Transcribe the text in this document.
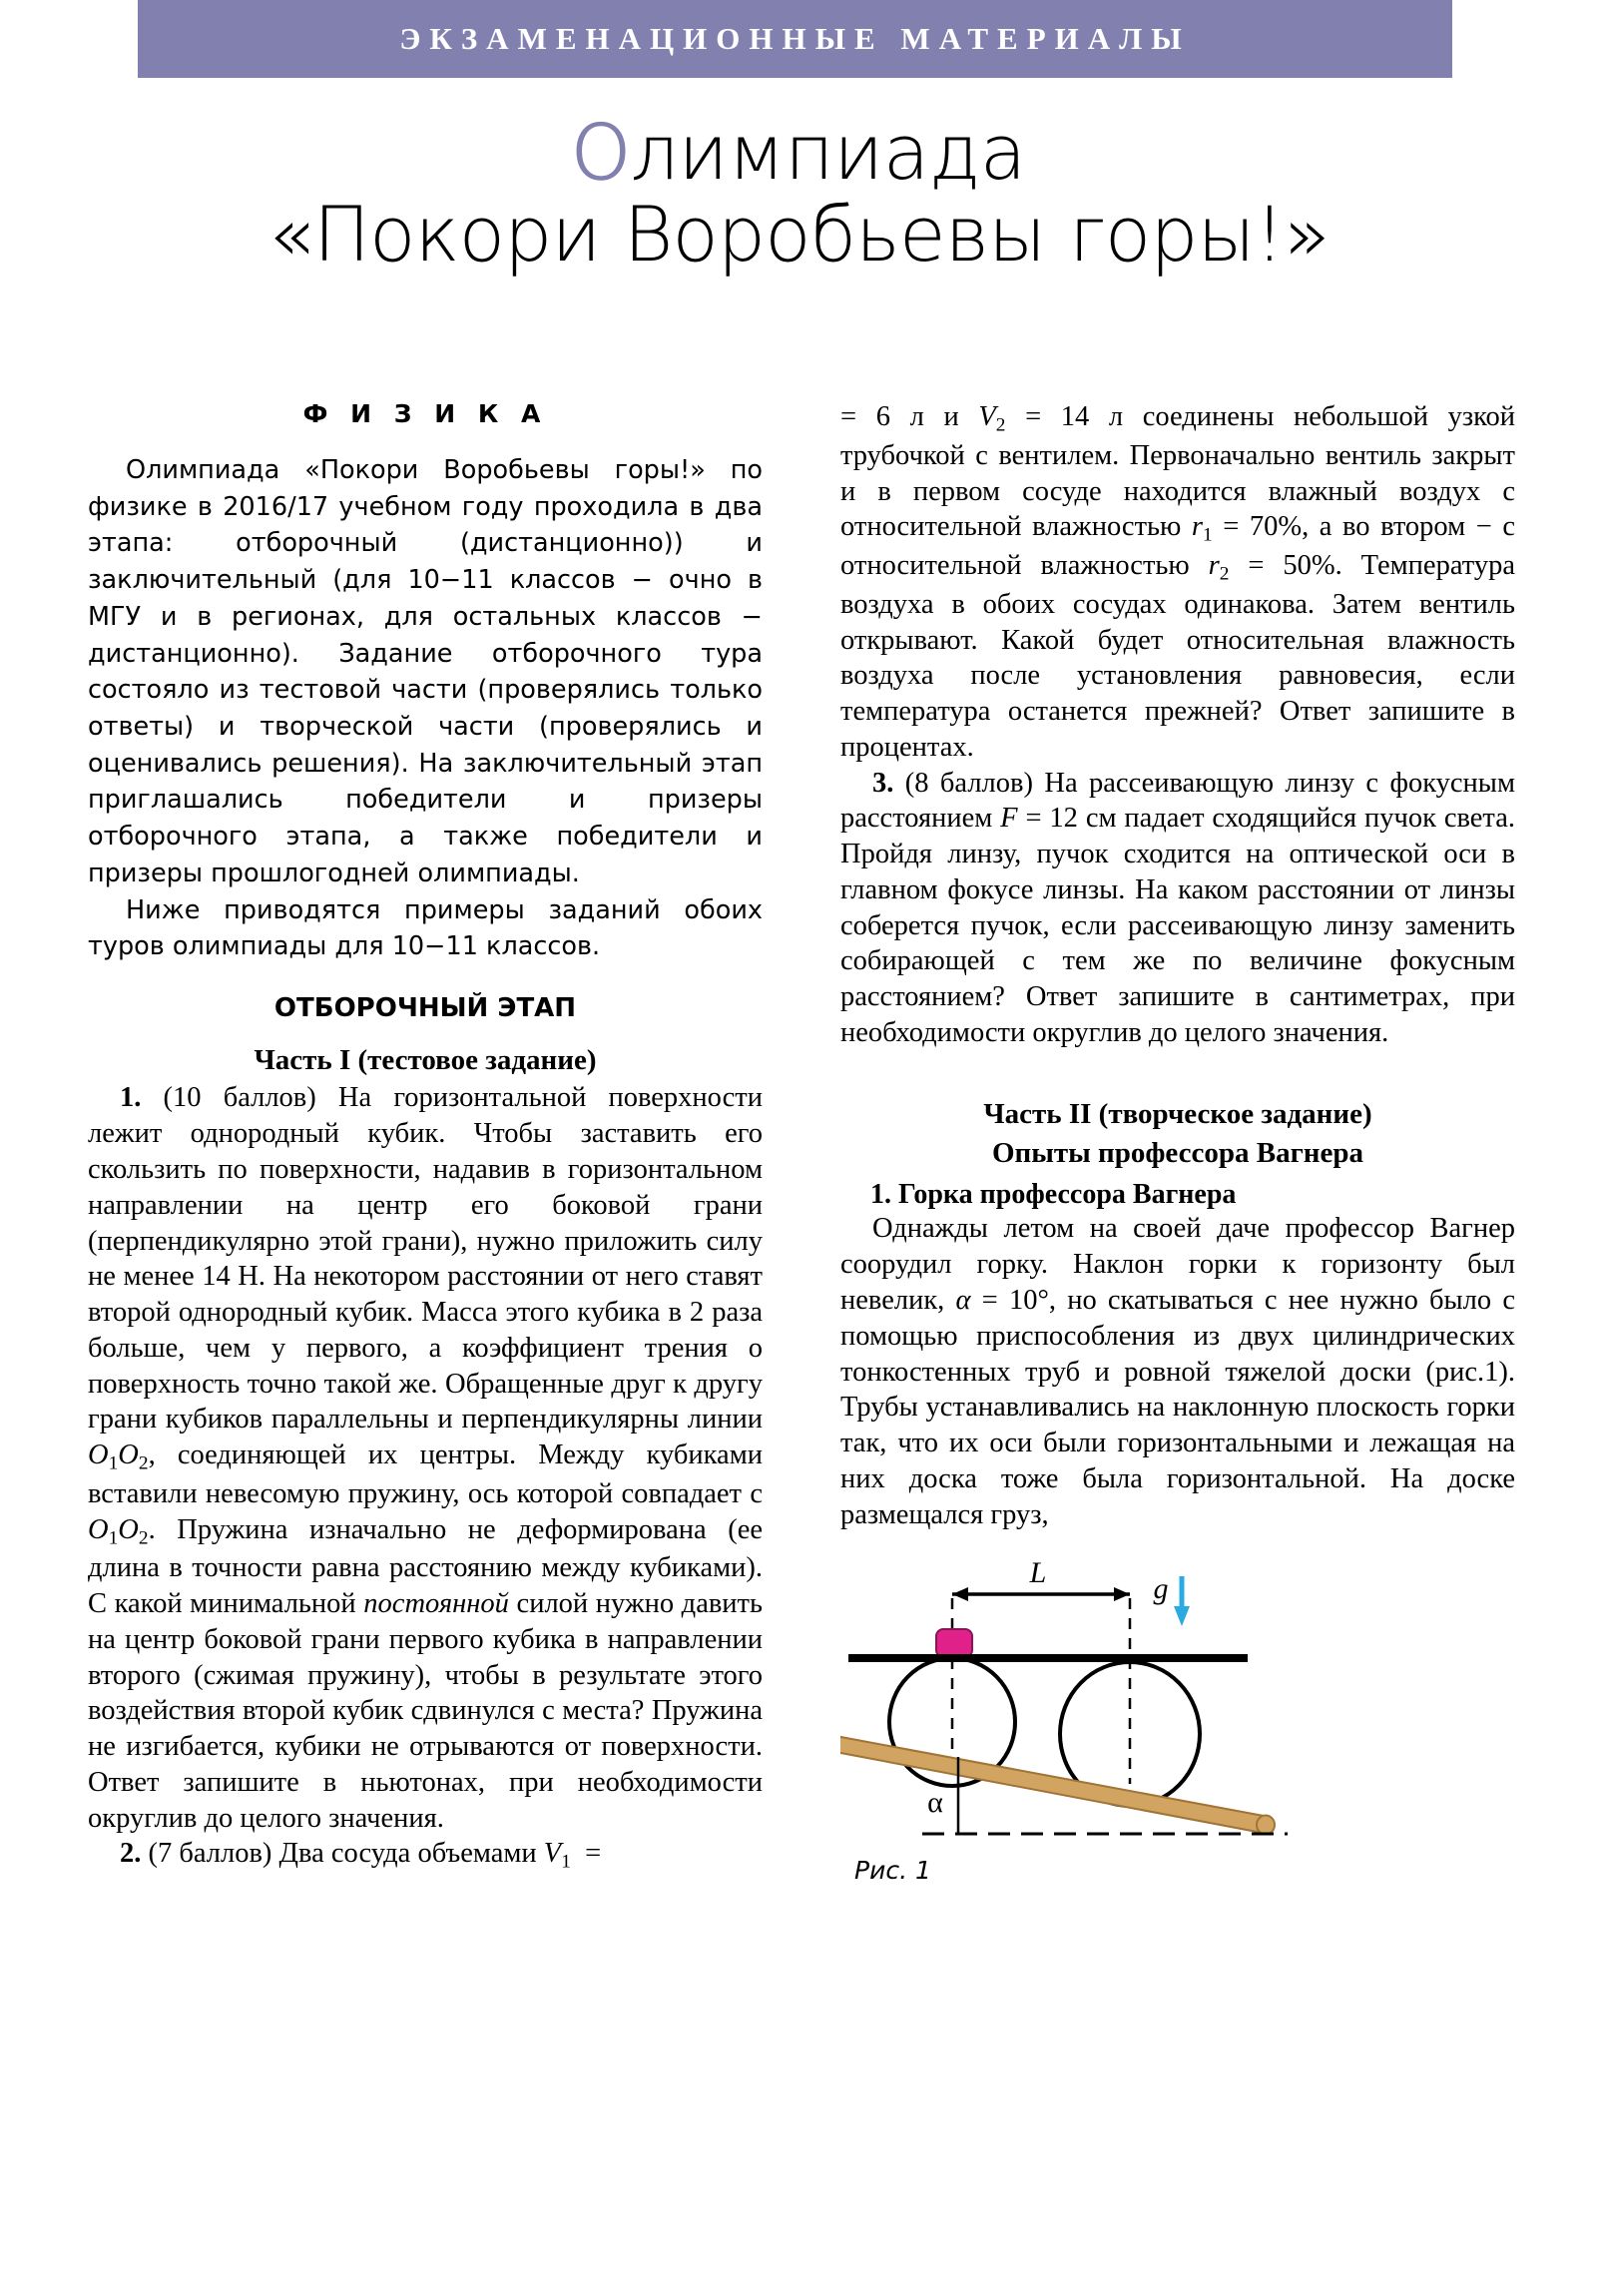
ЭКЗАМЕНАЦИОННЫЕ МАТЕРИАЛЫ
Олимпиада
«Покори Воробьевы горы!»
Ф И З И К А

Олимпиада «Покори Воробьевы горы!» по физике в 2016/17 учебном году проходила в два этапа: отборочный (дистанционно)) и заключительный (для 10−11 классов − очно в МГУ и в регионах, для остальных классов − дистанционно). Задание отборочного тура состояло из тестовой части (проверялись только ответы) и творческой части (проверялись и оценивались решения). На заключительный этап приглашались победители и призеры отборочного этапа, а также победители и призеры прошлогодней олимпиады.

Ниже приводятся примеры заданий обоих туров олимпиады для 10−11 классов.

ОТБОРОЧНЫЙ ЭТАП
Часть I (тестовое задание)

1. (10 баллов) На горизонтальной поверхности лежит однородный кубик. Чтобы заставить его скользить по поверхности, надавив в горизонтальном направлении на центр его боковой грани (перпендикулярно этой грани), нужно приложить силу не менее 14 Н. На некотором расстоянии от него ставят второй однородный кубик. Масса этого кубика в 2 раза больше, чем у первого, а коэффициент трения о поверхность точно такой же. Обращенные друг к другу грани кубиков параллельны и перпендикулярны линии $O_1O_2$, соединяющей их центры. Между кубиками вставили невесомую пружину, ось которой совпадает с $O_1O_2$. Пружина изначально не деформирована (ее длина в точности равна расстоянию между кубиками). С какой минимальной постоянной силой нужно давить на центр боковой грани первого кубика в направлении второго (сжимая пружину), чтобы в результате этого воздействия второй кубик сдвинулся с места? Пружина не изгибается, кубики не отрываются от поверхности. Ответ запишите в ньютонах, при необходимости округлив до целого значения.

2. (7 баллов) Два сосуда объемами $V_1$ =

= 6 л и $V_2 = 14$ л соединены небольшой узкой трубочкой с вентилем. Первоначально вентиль закрыт и в первом сосуде находится влажный воздух с относительной влажностью $r_1 = 70\%$, а во втором − с относительной влажностью $r_2 = 50\%$. Температура воздуха в обоих сосудах одинакова. Затем вентиль открывают. Какой будет относительная влажность воздуха после установления равновесия, если температура останется прежней? Ответ запишите в процентах.

3. (8 баллов) На рассеивающую линзу с фокусным расстоянием F = 12 см падает сходящийся пучок света. Пройдя линзу, пучок сходится на оптической оси в главном фокусе линзы. На каком расстоянии от линзы соберется пучок, если рассеивающую линзу заменить собирающей с тем же по величине фокусным расстоянием? Ответ запишите в сантиметрах, при необходимости округлив до целого значения.

Часть II (творческое задание)
Опыты профессора Вагнера
1. Горка профессора Вагнера

Однажды летом на своей даче профессор Вагнер соорудил горку. Наклон горки к горизонту был невелик, α = 10°, но скатываться с нее нужно было с помощью приспособления из двух цилиндрических тонкостенных труб и ровной тяжелой доски (рис.1). Трубы устанавливались на наклонную плоскость горки так, что их оси были горизонтальными и лежащая на них доска тоже была горизонтальной. На доске размещался груз,

L	g
α
Рис. 1
